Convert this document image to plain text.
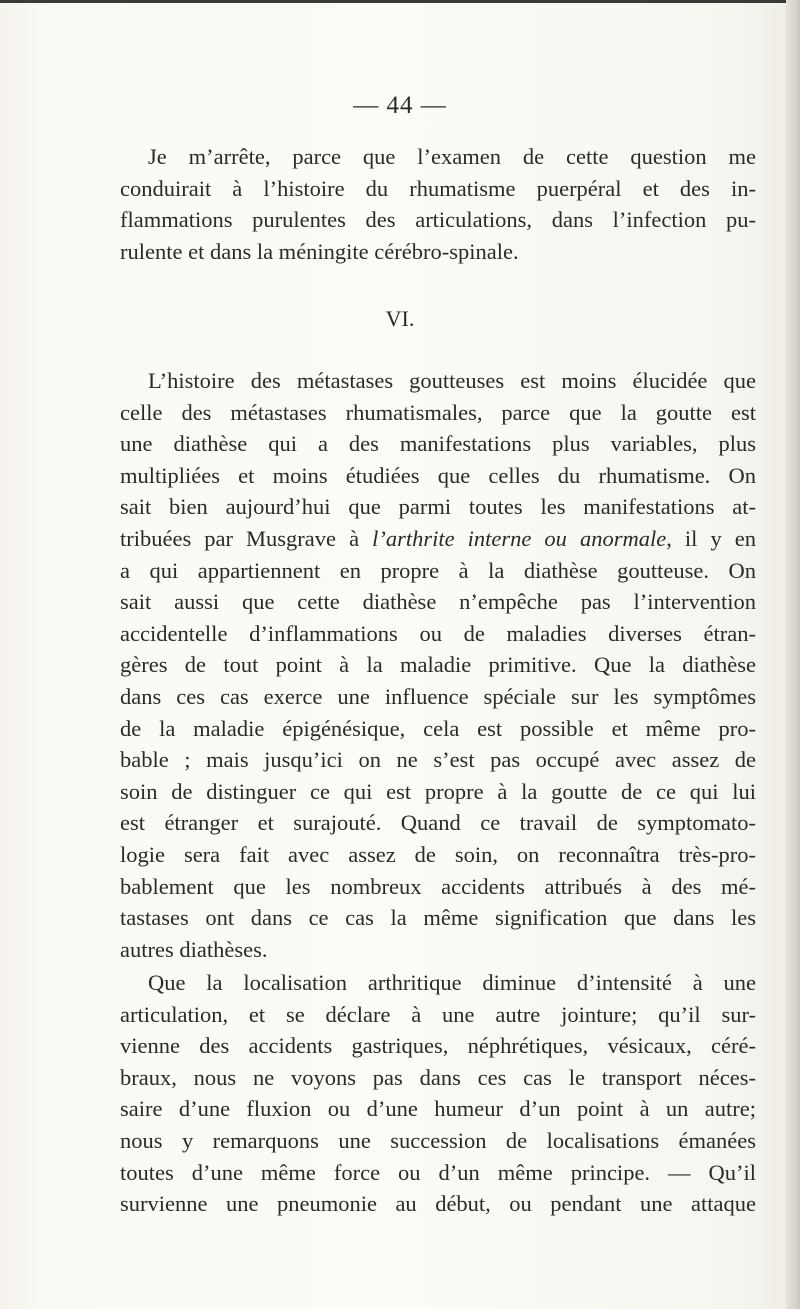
— 44 —
Je m’arrête, parce que l’examen de cette question me
conduirait à l’histoire du rhumatisme puerpéral et des in-
flammations purulentes des articulations, dans l’infection pu-
rulente et dans la méningite cérébro-spinale.
VI.
L’histoire des métastases goutteuses est moins élucidée que
celle des métastases rhumatismales, parce que la goutte est
une diathèse qui a des manifestations plus variables, plus
multipliées et moins étudiées que celles du rhumatisme. On
sait bien aujourd’hui que parmi toutes les manifestations at-
tribuées par Musgrave à l’arthrite interne ou anormale, il y en
a qui appartiennent en propre à la diathèse goutteuse. On
sait aussi que cette diathèse n’empêche pas l’intervention
accidentelle d’inflammations ou de maladies diverses étran-
gères de tout point à la maladie primitive. Que la diathèse
dans ces cas exerce une influence spéciale sur les symptômes
de la maladie épigénésique, cela est possible et même pro-
bable ; mais jusqu’ici on ne s’est pas occupé avec assez de
soin de distinguer ce qui est propre à la goutte de ce qui lui
est étranger et surajouté. Quand ce travail de symptomato-
logie sera fait avec assez de soin, on reconnaîtra très-pro-
bablement que les nombreux accidents attribués à des mé-
tastases ont dans ce cas la même signification que dans les
autres diathèses.
Que la localisation arthritique diminue d’intensité à une
articulation, et se déclare à une autre jointure; qu’il sur-
vienne des accidents gastriques, néphrétiques, vésicaux, céré-
braux, nous ne voyons pas dans ces cas le transport néces-
saire d’une fluxion ou d’une humeur d’un point à un autre;
nous y remarquons une succession de localisations émanées
toutes d’une même force ou d’un même principe. — Qu’il
survienne une pneumonie au début, ou pendant une attaque
